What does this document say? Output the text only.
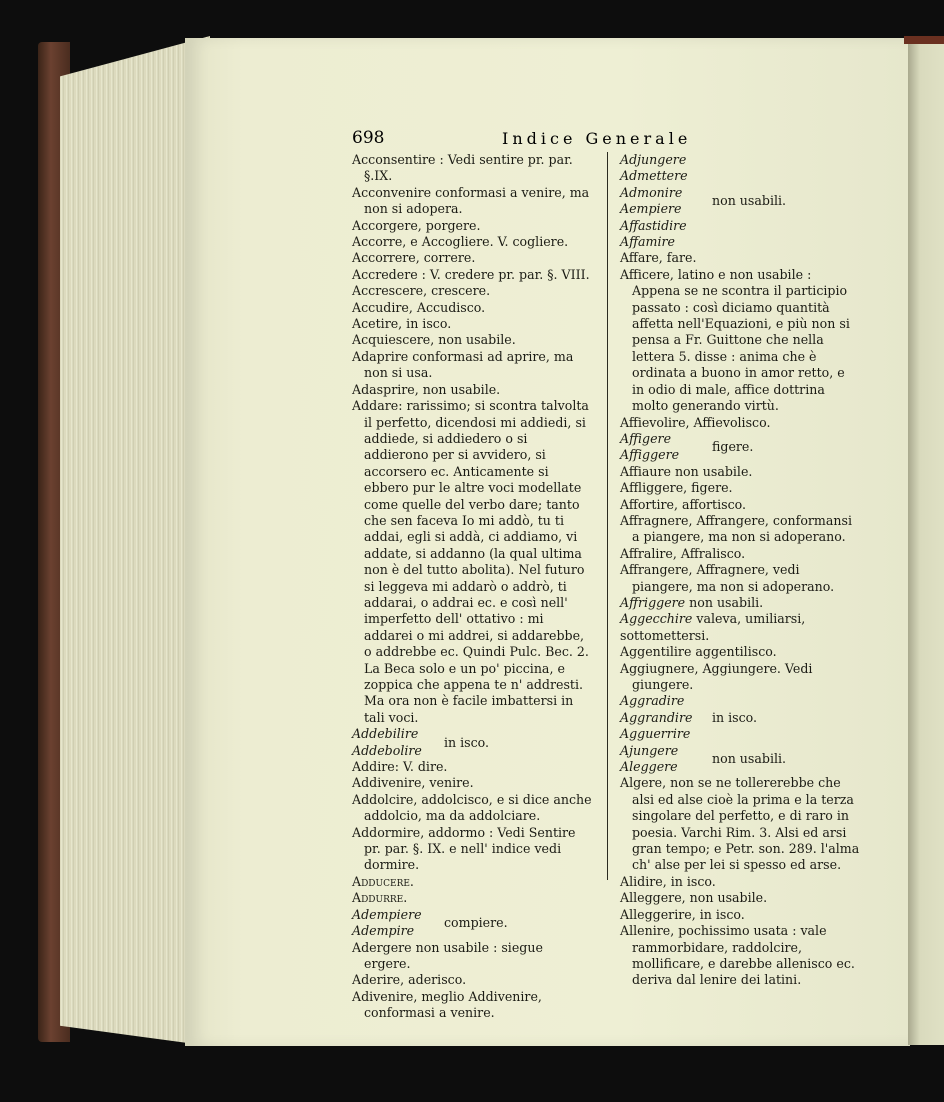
698	Indice Generale

Acconsentire : Vedi sentire pr. par. §.IX.

Acconvenire conformasi a venire, ma non si adopera.

Accorgere, porgere.

Accorre, e Accogliere. V. cogliere.

Accorrere, correre.

Accredere : V. credere pr. par. §. VIII.

Accrescere, crescere.

Accudire, Accudisco.

Acetire, in isco.

Acquiescere, non usabile.

Adaprire conformasi ad aprire, ma non si usa.

Adasprire, non usabile.

Addare: rarissimo; si scontra talvolta il perfetto, dicendosi mi addiedi, si addiede, si addiedero o si addierono per si avvidero, si accorsero ec. Anticamente si ebbero pur le altre voci modellate come quelle del verbo dare; tanto che sen faceva Io mi addò, tu ti addai, egli si addà, ci addiamo, vi addate, si addanno (la qual ultima non è del tutto abolita). Nel futuro si leggeva mi addarò o addrò, ti addarai, o addrai ec. e così nell' imperfetto dell' ottativo : mi addarei o mi addrei, si addarebbe, o addrebbe ec. Quindi Pulc. Bec. 2. La Beca solo e un po' piccina, e zoppica che appena te n' addresti. Ma ora non è facile imbattersi in tali voci.

Addebilire
Addebolire
in isco.

Addire: V. dire.

Addivenire, venire.

Addolcire, addolcisco, e si dice anche addolcio, ma da addolciare.

Addormire, addormo : Vedi Sentire pr. par. §. IX. e nell' indice vedi dormire.

Adducere.

Addurre.

Adempiere
Adempire
compiere.

Adergere non usabile : siegue ergere.

Aderire, aderisco.

Adivenire, meglio Addivenire, conformasi a venire.

Adjungere
Admettere
Admonire
Aempiere
Affastidire
Affamire
non usabili.

Affare, fare.

Afficere, latino e non usabile : Appena se ne scontra il participio passato : così diciamo quantità affetta nell'Equazioni, e più non si pensa a Fr. Guittone che nella lettera 5. disse : anima che è ordinata a buono in amor retto, e in odio di male, affice dottrina molto generando virtù.

Affievolire, Affievolisco.

Affigere
Affiggere
figere.

Affiaure non usabile.

Affliggere, figere.

Affortire, affortisco.

Affragnere, Affrangere, conformansi a piangere, ma non si adoperano.

Affralire, Affralisco.

Affrangere, Affragnere, vedi piangere, ma non si adoperano.

Affriggere non usabili.
Aggecchire valeva, umiliarsi, sottomettersi.

Aggentilire aggentilisco.

Aggiugnere, Aggiungere. Vedi giungere.

Aggradire
Aggrandire
Agguerrire
in isco.
Ajungere
Aleggere
non usabili.

Algere, non se ne tollererebbe che alsi ed alse cioè la prima e la terza singolare del perfetto, e di raro in poesia. Varchi Rim. 3. Alsi ed arsi gran tempo; e Petr. son. 289. l'alma ch' alse per lei si spesso ed arse.

Alidire, in isco.

Alleggere, non usabile.

Alleggerire, in isco.

Allenire, pochissimo usata : vale rammorbidare, raddolcire, mollificare, e darebbe allenisco ec. deriva dal lenire dei latini.
